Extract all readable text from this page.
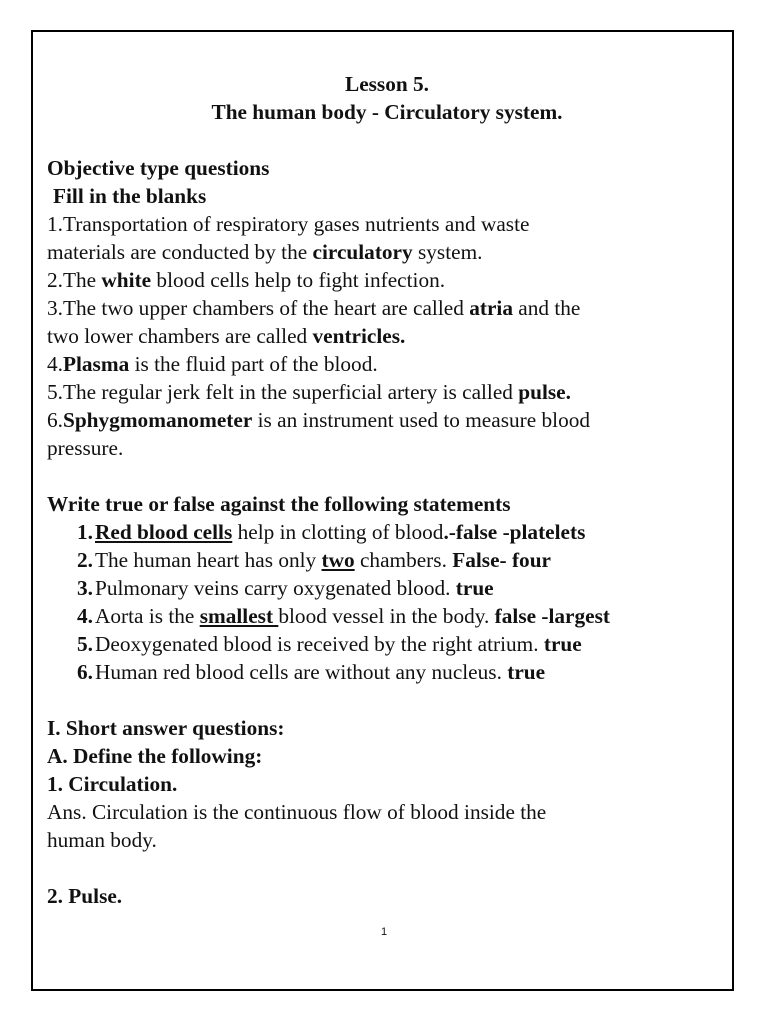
Lesson 5.
The human body - Circulatory system.
Objective type questions
Fill in the blanks
1.Transportation of respiratory gases nutrients and waste
materials are conducted by the circulatory system.
2.The white blood cells help to fight infection.
3.The two upper chambers of the heart are called atria and the
two lower chambers are called ventricles.
4.Plasma is the fluid part of the blood.
5.The regular jerk felt in the superficial artery is called pulse.
6.Sphygmomanometer is an instrument used to measure blood
pressure.
Write true or false against the following statements
1. Red blood cells help in clotting of blood.-false -platelets
2. The human heart has only two chambers. False- four
3. Pulmonary veins carry oxygenated blood. true
4. Aorta is the smallest blood vessel in the body. false -largest
5. Deoxygenated blood is received by the right atrium. true
6. Human red blood cells are without any nucleus. true
I. Short answer questions:
A. Define the following:
1. Circulation.
Ans. Circulation is the continuous flow of blood inside the
human body.
2. Pulse.
1
